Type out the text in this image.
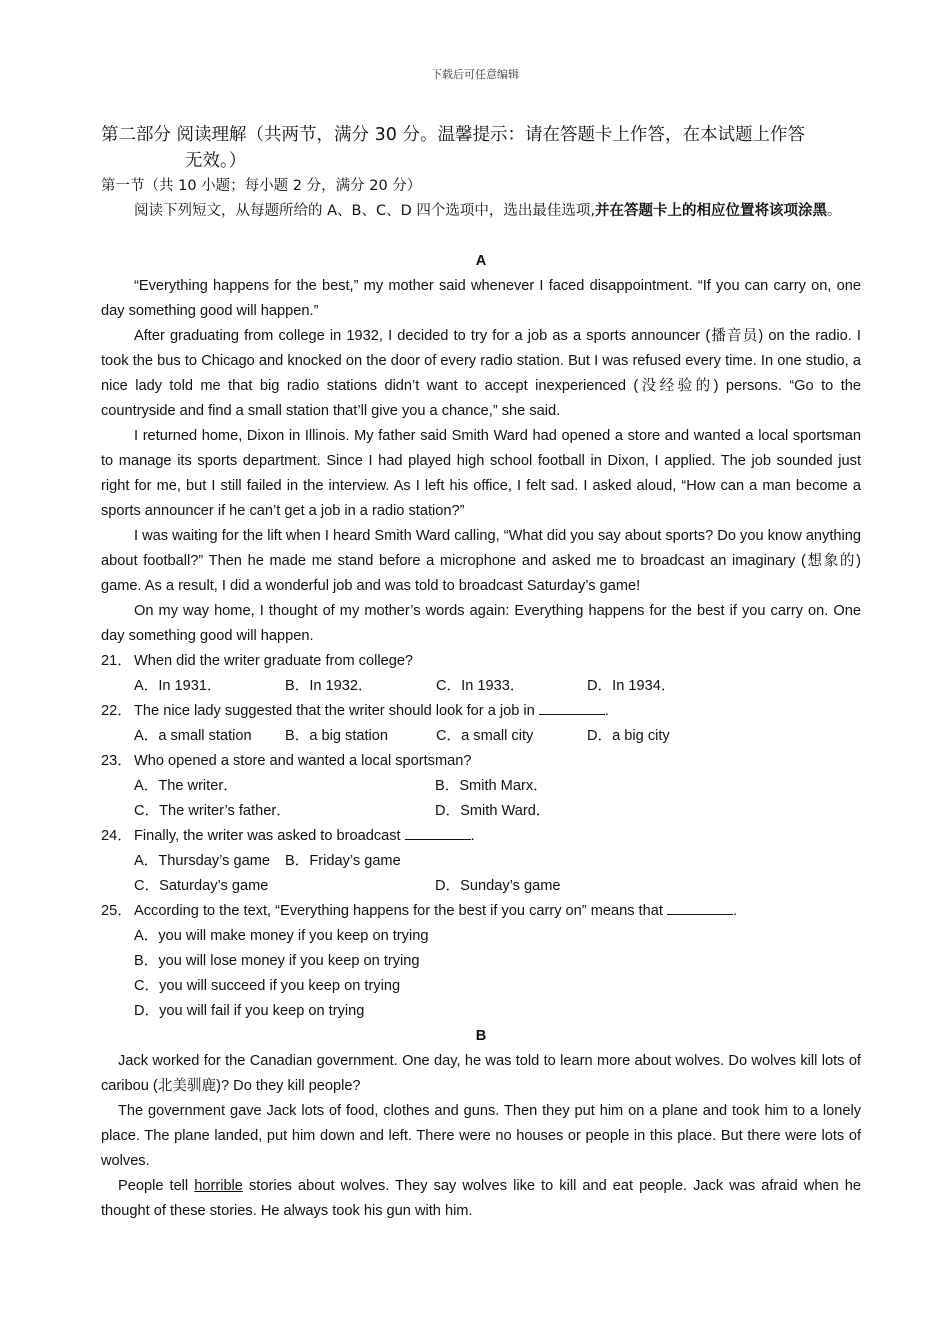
下载后可任意编辑
第二部分 阅读理解（共两节，满分 30 分。温馨提示：请在答题卡上作答，在本试题上作答
无效。）
第一节（共 10 小题；每小题 2 分，满分 20 分）
阅读下列短文，从每题所给的 A、B、C、D 四个选项中，选出最佳选项,并在答题卡上的相应位置将该项涂黑。
A

“Everything happens for the best,” my mother said whenever I faced disappointment. “If you can carry on, one day something good will happen.”

After graduating from college in 1932, I decided to try for a job as a sports announcer (播音员) on the radio. I took the bus to Chicago and knocked on the door of every radio station. But I was refused every time. In one studio, a nice lady told me that big radio stations didn’t want to accept inexperienced (没经验的) persons. “Go to the countryside and find a small station that’ll give you a chance,” she said.

I returned home, Dixon in Illinois. My father said Smith Ward had opened a store and wanted a local sportsman to manage its sports department. Since I had played high school football in Dixon, I applied. The job sounded just right for me, but I still failed in the interview. As I left his office, I felt sad. I asked aloud, “How can a man become a sports announcer if he can’t get a job in a radio station?”

I was waiting for the lift when I heard Smith Ward calling, “What did you say about sports? Do you know anything about football?” Then he made me stand before a microphone and asked me to broadcast an imaginary (想象的) game. As a result, I did a wonderful job and was told to broadcast Saturday’s game!

On my way home, I thought of my mother’s words again: Everything happens for the best if you carry on. One day something good will happen.

21． When did the writer graduate from college?
A．In 1931．	B．In 1932．	C．In 1933．	D．In 1934．
22． The nice lady suggested that the writer should look for a job in	.
A．a small station	B．a big station	C．a small city	D．a big city
23． Who opened a store and wanted a local sportsman?
A．The writer．	B．Smith Marx．
C．The writer’s father．	D．Smith Ward．
24． Finally, the writer was asked to broadcast	.
A．Thursday’s game	B．Friday’s game
C．Saturday’s game	D．Sunday’s game
25． According to the text, “Everything happens for the best if you carry on” means that	.
A．you will make money if you keep on trying
B．you will lose money if you keep on trying
C．you will succeed if you keep on trying
D．you will fail if you keep on trying
B

Jack worked for the Canadian government. One day, he was told to learn more about wolves. Do wolves kill lots of caribou (北美驯鹿)? Do they kill people?

The government gave Jack lots of food, clothes and guns. Then they put him on a plane and took him to a lonely place. The plane landed, put him down and left. There were no houses or people in this place. But there were lots of wolves.

People tell horrible stories about wolves. They say wolves like to kill and eat people. Jack was afraid when he thought of these stories. He always took his gun with him.
